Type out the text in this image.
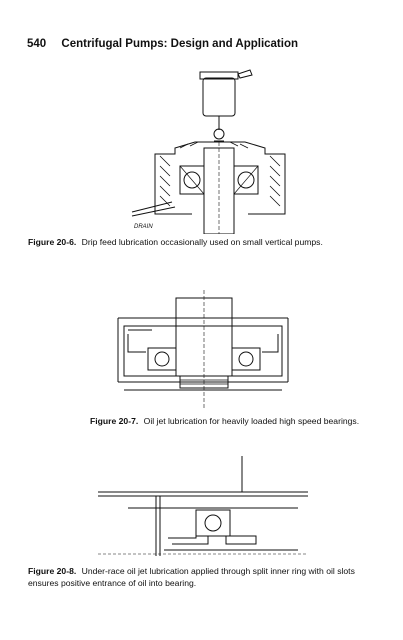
540 Centrifugal Pumps: Design and Application
DRAIN
Figure 20-6. Drip feed lubrication occasionally used on small vertical pumps.
Figure 20-7. Oil jet lubrication for heavily loaded high speed bearings.
Figure 20-8. Under-race oil jet lubrication applied through split inner ring with oil slots ensures positive entrance of oil into bearing.
